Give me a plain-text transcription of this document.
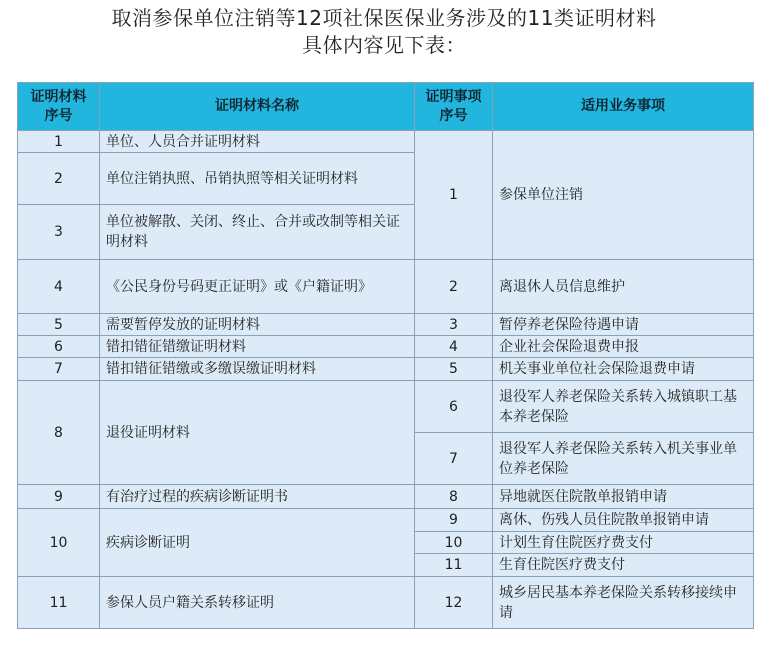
取消参保单位注销等12项社保医保业务涉及的11类证明材料
具体内容见下表：
证明材料序号	证明材料名称	证明事项序号	适用业务事项
1	单位、人员合并证明材料	1	参保单位注销
2	单位注销执照、吊销执照等相关证明材料		
3	单位被解散、关闭、终止、合并或改制等相关证明材料		
4	《公民身份号码更正证明》或《户籍证明》	2	离退休人员信息维护
5	需要暂停发放的证明材料	3	暂停养老保险待遇申请
6	错扣错征错缴证明材料	4	企业社会保险退费申报
7	错扣错征错缴或多缴误缴证明材料	5	机关事业单位社会保险退费申请
8	退役证明材料	6	退役军人养老保险关系转入城镇职工基本养老保险
		7	退役军人养老保险关系转入机关事业单位养老保险
9	有治疗过程的疾病诊断证明书	8	异地就医住院散单报销申请
10	疾病诊断证明	9	离休、伤残人员住院散单报销申请
		10	计划生育住院医疗费支付
		11	生育住院医疗费支付
11	参保人员户籍关系转移证明	12	城乡居民基本养老保险关系转移接续申请
